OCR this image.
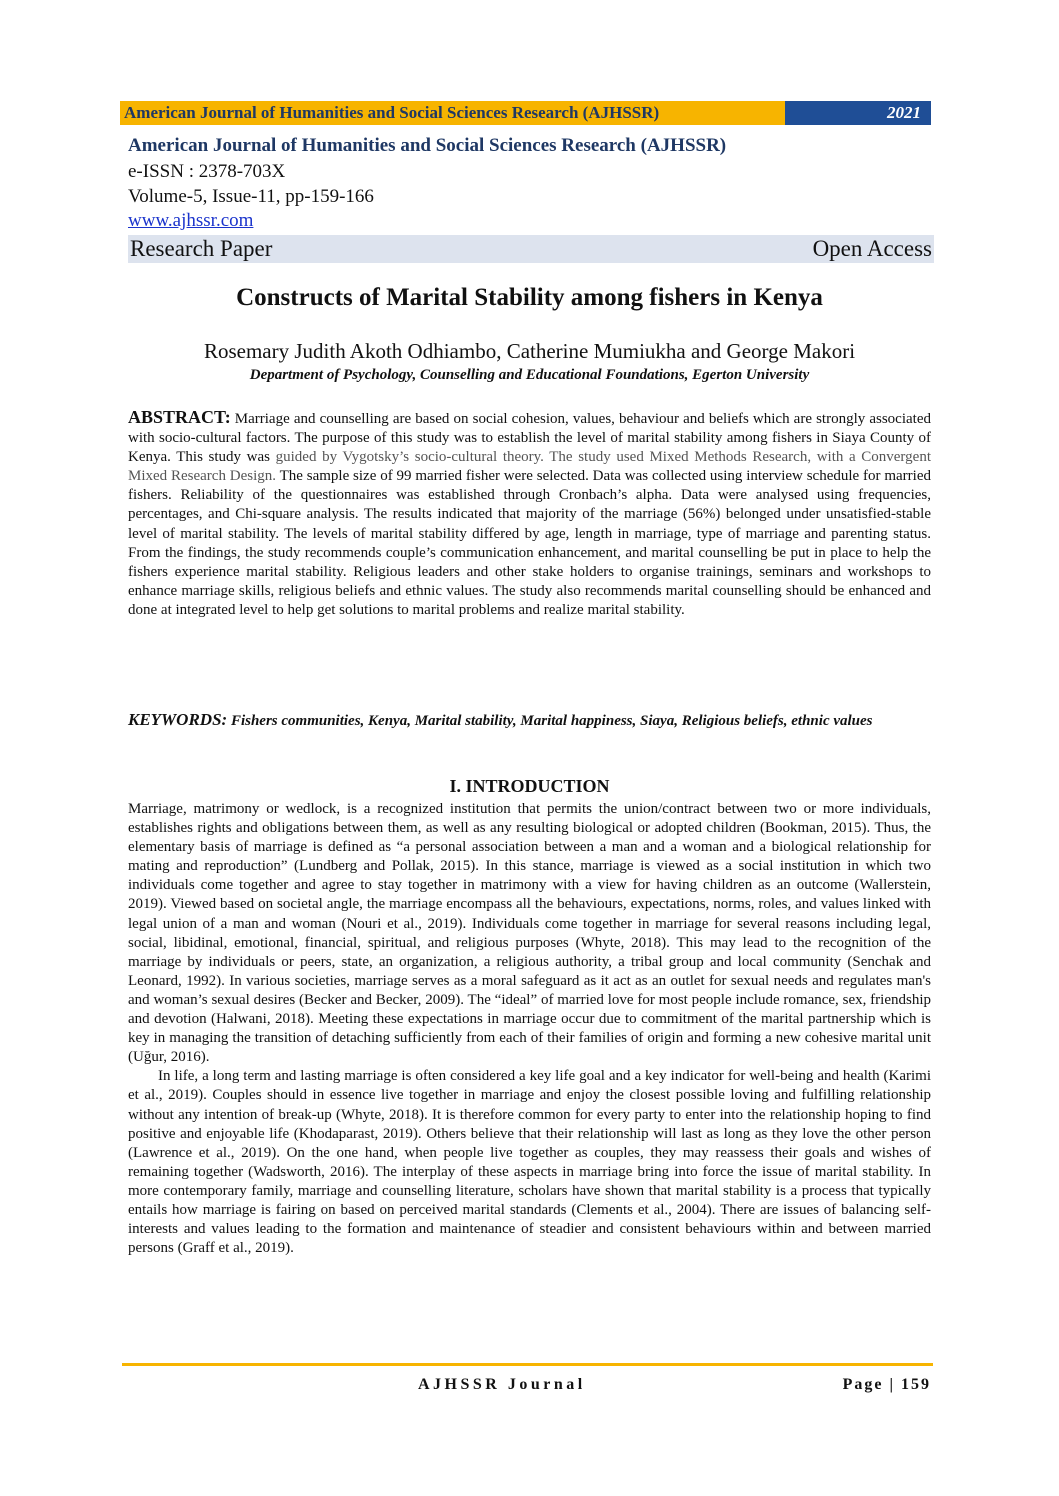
American Journal of Humanities and Social Sciences Research (AJHSSR)	2021
American Journal of Humanities and Social Sciences Research (AJHSSR)
e-ISSN : 2378-703X
Volume-5, Issue-11, pp-159-166
www.ajhssr.com
Research Paper	Open Access
Constructs of Marital Stability among fishers in Kenya
Rosemary Judith Akoth Odhiambo, Catherine Mumiukha and George Makori
Department of Psychology, Counselling and Educational Foundations, Egerton University
ABSTRACT: Marriage and counselling are based on social cohesion, values, behaviour and beliefs which are strongly associated with socio-cultural factors. The purpose of this study was to establish the level of marital stability among fishers in Siaya County of Kenya. This study was guided by Vygotsky’s socio-cultural theory. The study used Mixed Methods Research, with a Convergent Mixed Research Design. The sample size of 99 married fisher were selected. Data was collected using interview schedule for married fishers. Reliability of the questionnaires was established through Cronbach’s alpha. Data were analysed using frequencies, percentages, and Chi-square analysis. The results indicated that majority of the marriage (56%) belonged under unsatisfied-stable level of marital stability. The levels of marital stability differed by age, length in marriage, type of marriage and parenting status. From the findings, the study recommends couple’s communication enhancement, and marital counselling be put in place to help the fishers experience marital stability. Religious leaders and other stake holders to organise trainings, seminars and workshops to enhance marriage skills, religious beliefs and ethnic values. The study also recommends marital counselling should be enhanced and done at integrated level to help get solutions to marital problems and realize marital stability.
KEYWORDS: Fishers communities, Kenya, Marital stability, Marital happiness, Siaya, Religious beliefs, ethnic values
I. INTRODUCTION

Marriage, matrimony or wedlock, is a recognized institution that permits the union/contract between two or more individuals, establishes rights and obligations between them, as well as any resulting biological or adopted children (Bookman, 2015). Thus, the elementary basis of marriage is defined as “a personal association between a man and a woman and a biological relationship for mating and reproduction” (Lundberg and Pollak, 2015). In this stance, marriage is viewed as a social institution in which two individuals come together and agree to stay together in matrimony with a view for having children as an outcome (Wallerstein, 2019). Viewed based on societal angle, the marriage encompass all the behaviours, expectations, norms, roles, and values linked with legal union of a man and woman (Nouri et al., 2019). Individuals come together in marriage for several reasons including legal, social, libidinal, emotional, financial, spiritual, and religious purposes (Whyte, 2018). This may lead to the recognition of the marriage by individuals or peers, state, an organization, a religious authority, a tribal group and local community (Senchak and Leonard, 1992). In various societies, marriage serves as a moral safeguard as it act as an outlet for sexual needs and regulates man's and woman’s sexual desires (Becker and Becker, 2009). The “ideal” of married love for most people include romance, sex, friendship and devotion (Halwani, 2018). Meeting these expectations in marriage occur due to commitment of the marital partnership which is key in managing the transition of detaching sufficiently from each of their families of origin and forming a new cohesive marital unit (Uğur, 2016).

In life, a long term and lasting marriage is often considered a key life goal and a key indicator for well-being and health (Karimi et al., 2019). Couples should in essence live together in marriage and enjoy the closest possible loving and fulfilling relationship without any intention of break-up (Whyte, 2018). It is therefore common for every party to enter into the relationship hoping to find positive and enjoyable life (Khodaparast, 2019). Others believe that their relationship will last as long as they love the other person (Lawrence et al., 2019). On the one hand, when people live together as couples, they may reassess their goals and wishes of remaining together (Wadsworth, 2016). The interplay of these aspects in marriage bring into force the issue of marital stability. In more contemporary family, marriage and counselling literature, scholars have shown that marital stability is a process that typically entails how marriage is fairing on based on perceived marital standards (Clements et al., 2004). There are issues of balancing self-interests and values leading to the formation and maintenance of steadier and consistent behaviours within and between married persons (Graff et al., 2019).

AJHSSR Journal	Page | 159
